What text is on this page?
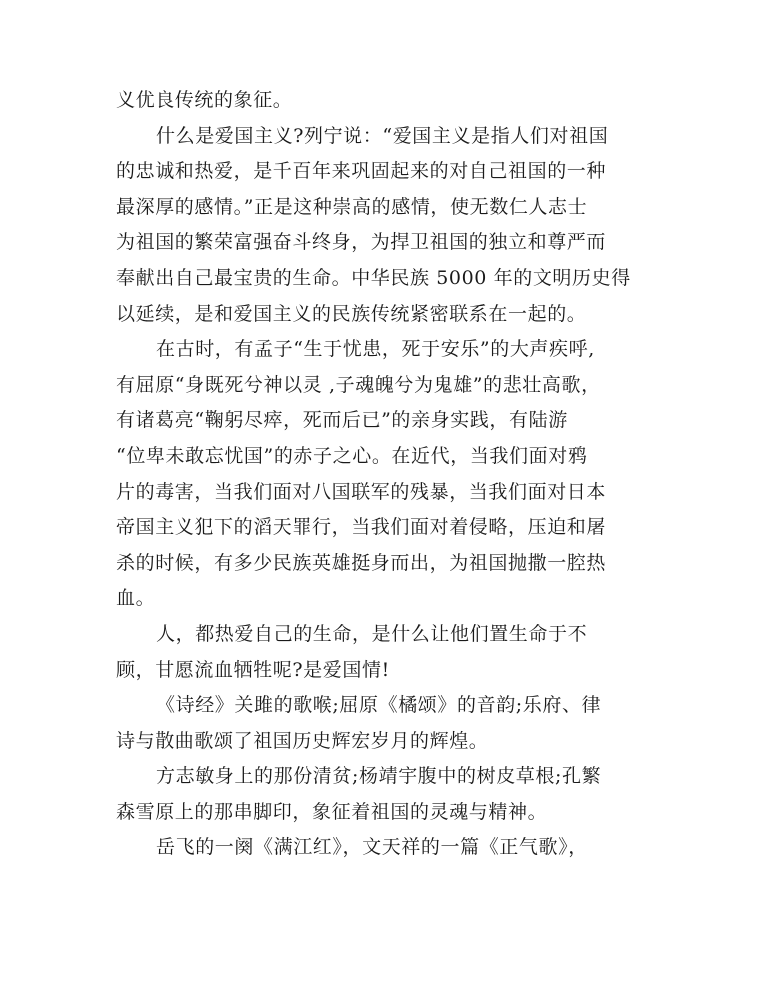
义优良传统的象征。
什么是爱国主义?列宁说：“爱国主义是指人们对祖国
的忠诚和热爱，是千百年来巩固起来的对自己祖国的一种
最深厚的感情。”正是这种崇高的感情，使无数仁人志士
为祖国的繁荣富强奋斗终身，为捍卫祖国的独立和尊严而
奉献出自己最宝贵的生命。中华民族 5000 年的文明历史得
以延续，是和爱国主义的民族传统紧密联系在一起的。
在古时，有孟子“生于忧患，死于安乐”的大声疾呼,
有屈原“身既死兮神以灵 ,子魂魄兮为鬼雄”的悲壮高歌，
有诸葛亮“鞠躬尽瘁，死而后已”的亲身实践，有陆游
“位卑未敢忘忧国”的赤子之心。在近代，当我们面对鸦
片的毒害，当我们面对八国联军的残暴，当我们面对日本
帝国主义犯下的滔天罪行，当我们面对着侵略，压迫和屠
杀的时候，有多少民族英雄挺身而出，为祖国抛撒一腔热
血。
人，都热爱自己的生命，是什么让他们置生命于不
顾，甘愿流血牺牲呢?是爱国情!
《诗经》关雎的歌喉;屈原《橘颂》的音韵;乐府、律
诗与散曲歌颂了祖国历史辉宏岁月的辉煌。
方志敏身上的那份清贫;杨靖宇腹中的树皮草根;孔繁
森雪原上的那串脚印，象征着祖国的灵魂与精神。
岳飞的一阕《满江红》，文天祥的一篇《正气歌》，
